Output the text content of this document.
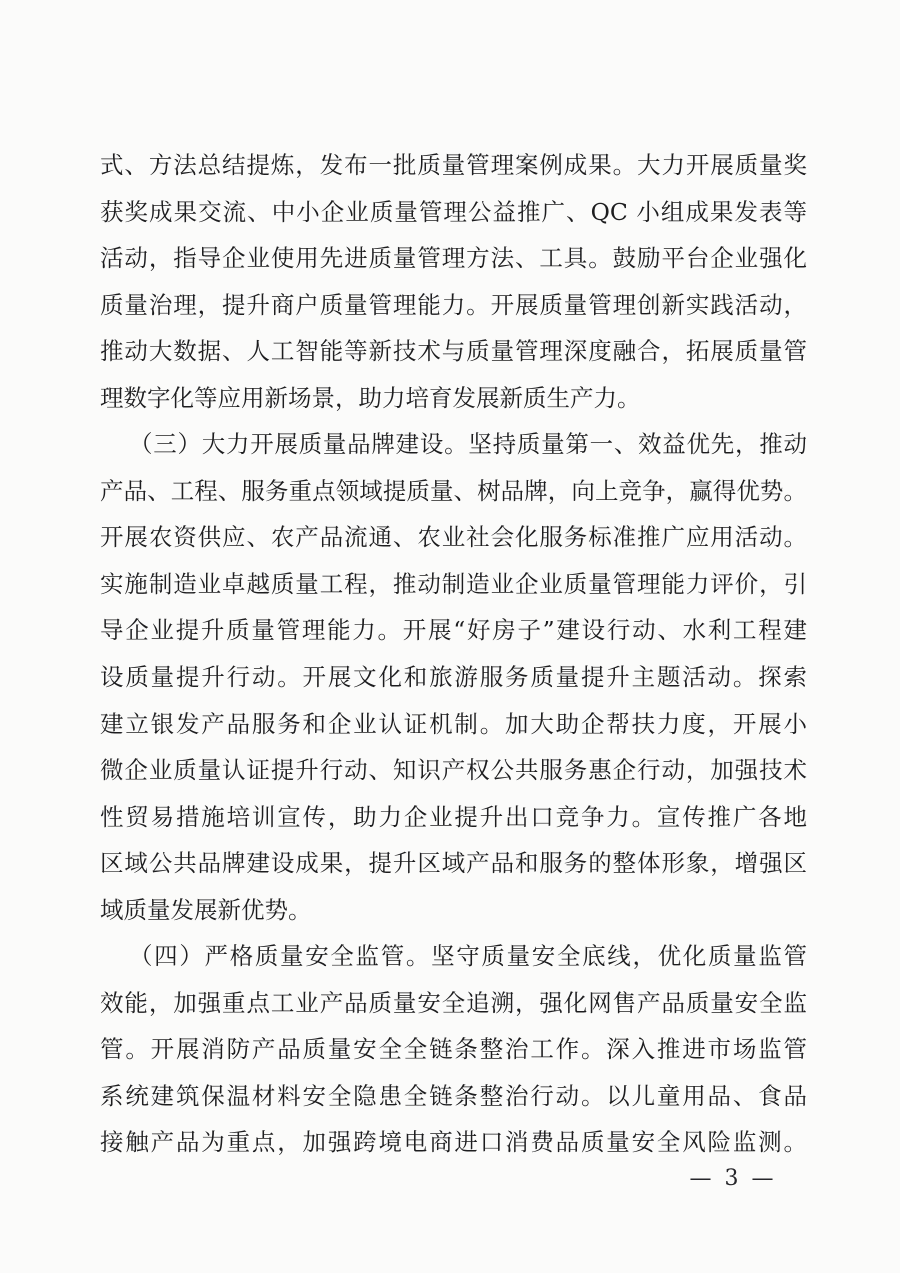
式、方法总结提炼，发布一批质量管理案例成果。大力开展质量奖
获奖成果交流、中小企业质量管理公益推广、QC 小组成果发表等
活动，指导企业使用先进质量管理方法、工具。鼓励平台企业强化
质量治理，提升商户质量管理能力。开展质量管理创新实践活动，
推动大数据、人工智能等新技术与质量管理深度融合，拓展质量管
理数字化等应用新场景，助力培育发展新质生产力。
（三）大力开展质量品牌建设。坚持质量第一、效益优先，推动
产品、工程、服务重点领域提质量、树品牌，向上竞争，赢得优势。
开展农资供应、农产品流通、农业社会化服务标准推广应用活动。
实施制造业卓越质量工程，推动制造业企业质量管理能力评价，引
导企业提升质量管理能力。开展“好房子”建设行动、水利工程建
设质量提升行动。开展文化和旅游服务质量提升主题活动。探索
建立银发产品服务和企业认证机制。加大助企帮扶力度，开展小
微企业质量认证提升行动、知识产权公共服务惠企行动，加强技术
性贸易措施培训宣传，助力企业提升出口竞争力。宣传推广各地
区域公共品牌建设成果，提升区域产品和服务的整体形象，增强区
域质量发展新优势。
（四）严格质量安全监管。坚守质量安全底线，优化质量监管
效能，加强重点工业产品质量安全追溯，强化网售产品质量安全监
管。开展消防产品质量安全全链条整治工作。深入推进市场监管
系统建筑保温材料安全隐患全链条整治行动。以儿童用品、食品
接触产品为重点，加强跨境电商进口消费品质量安全风险监测。
— 3 —
